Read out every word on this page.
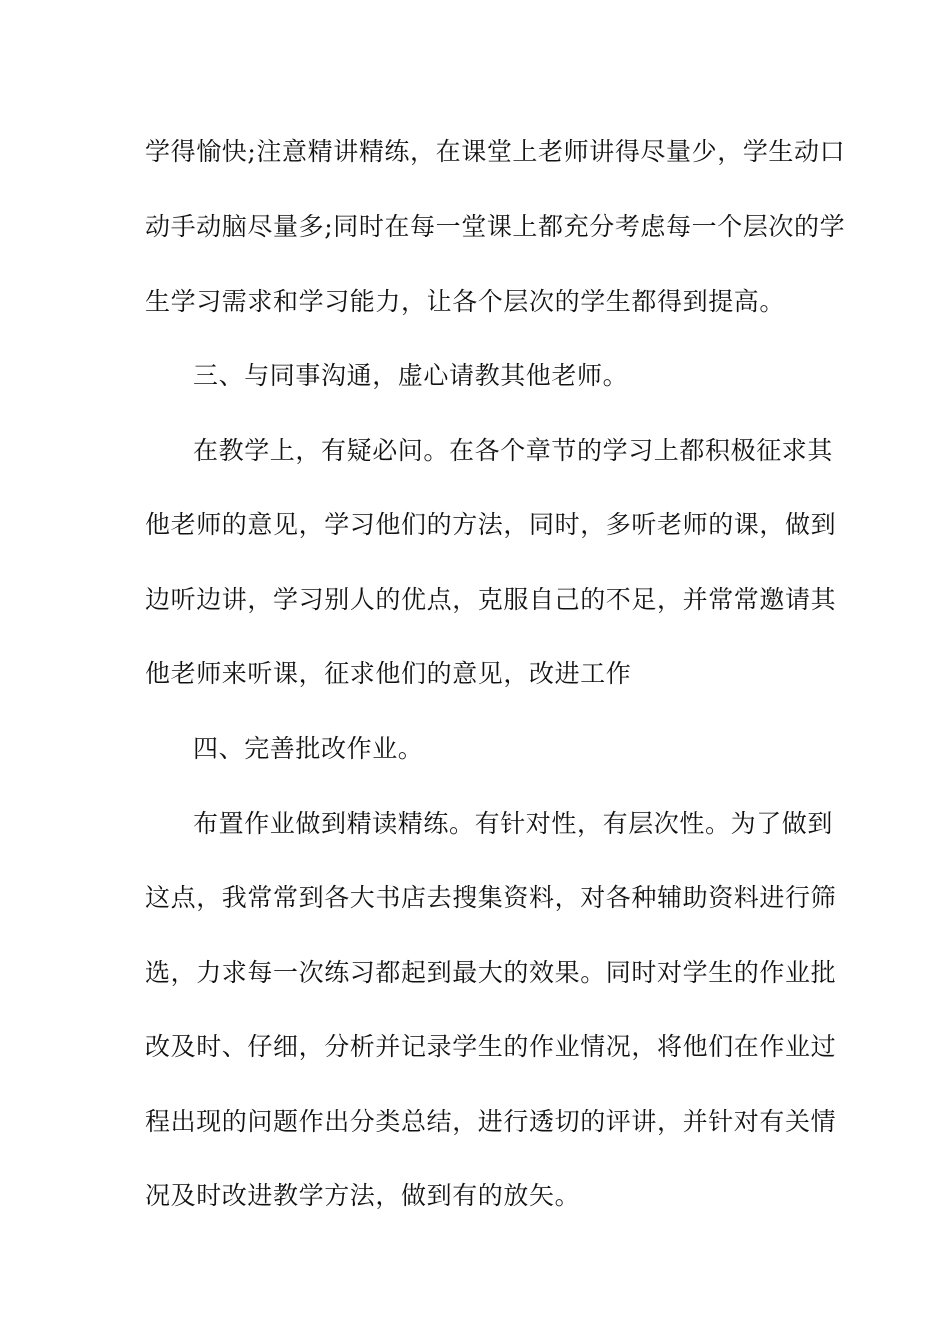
学得愉快;注意精讲精练，在课堂上老师讲得尽量少，学生动口
动手动脑尽量多;同时在每一堂课上都充分考虑每一个层次的学
生学习需求和学习能力，让各个层次的学生都得到提高。
三、与同事沟通，虚心请教其他老师。
在教学上，有疑必问。在各个章节的学习上都积极征求其
他老师的意见，学习他们的方法，同时，多听老师的课，做到
边听边讲，学习别人的优点，克服自己的不足，并常常邀请其
他老师来听课，征求他们的意见，改进工作
四、完善批改作业。
布置作业做到精读精练。有针对性，有层次性。为了做到
这点，我常常到各大书店去搜集资料，对各种辅助资料进行筛
选，力求每一次练习都起到最大的效果。同时对学生的作业批
改及时、仔细，分析并记录学生的作业情况，将他们在作业过
程出现的问题作出分类总结，进行透切的评讲，并针对有关情
况及时改进教学方法，做到有的放矢。
